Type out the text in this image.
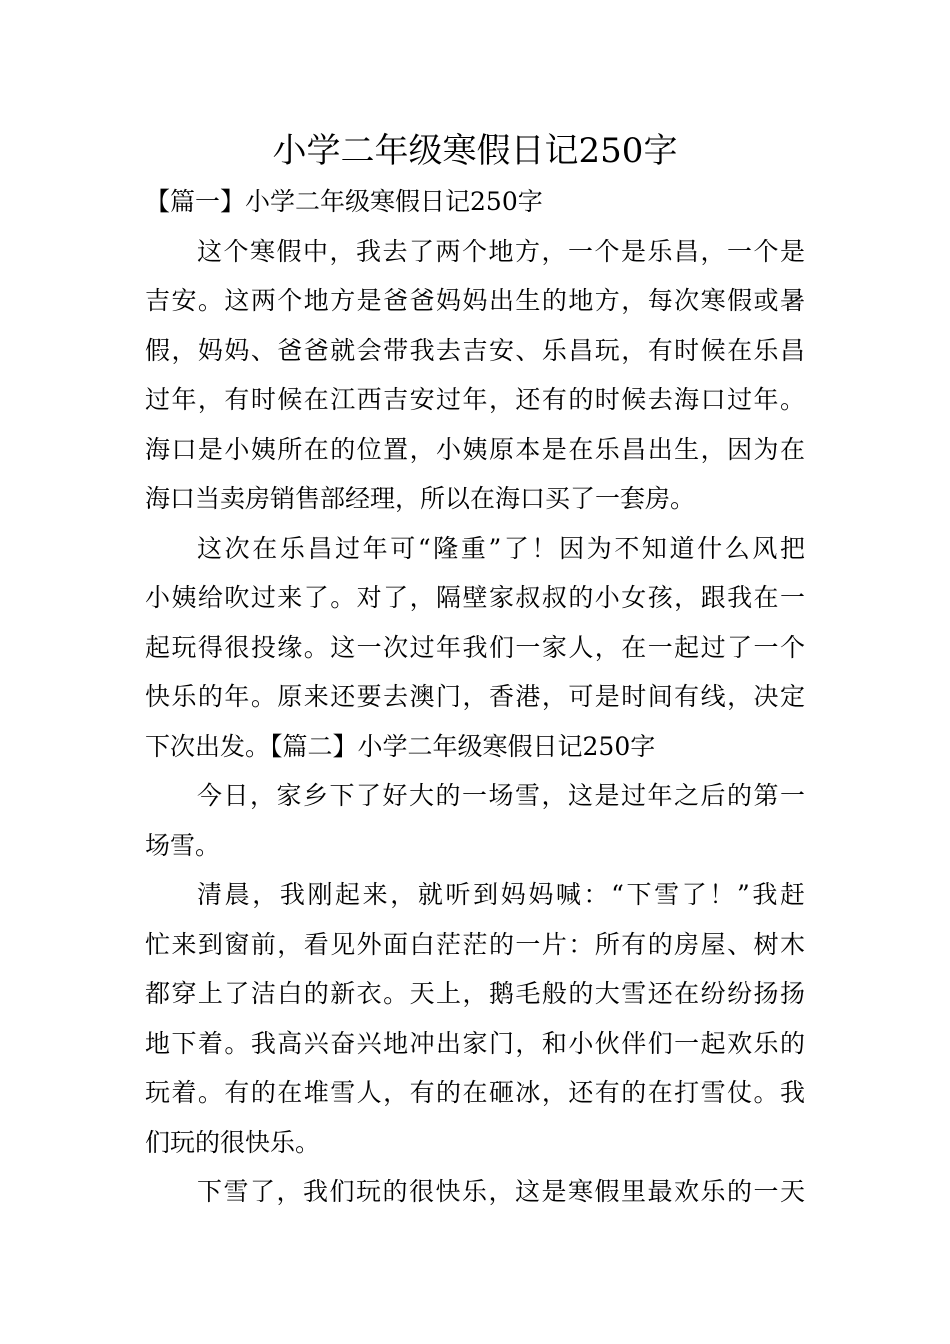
小学二年级寒假日记250字
【篇一】小学二年级寒假日记250字
这个寒假中，我去了两个地方，一个是乐昌，一个是
吉安。这两个地方是爸爸妈妈出生的地方，每次寒假或暑
假，妈妈、爸爸就会带我去吉安、乐昌玩，有时候在乐昌
过年，有时候在江西吉安过年，还有的时候去海口过年。
海口是小姨所在的位置，小姨原本是在乐昌出生，因为在
海口当卖房销售部经理，所以在海口买了一套房。
这次在乐昌过年可“隆重”了！因为不知道什么风把
小姨给吹过来了。对了，隔壁家叔叔的小女孩，跟我在一
起玩得很投缘。这一次过年我们一家人，在一起过了一个
快乐的年。原来还要去澳门，香港，可是时间有线，决定
下次出发。【篇二】小学二年级寒假日记250字
今日，家乡下了好大的一场雪，这是过年之后的第一
场雪。
清晨，我刚起来，就听到妈妈喊：“下雪了！”我赶
忙来到窗前，看见外面白茫茫的一片：所有的房屋、树木
都穿上了洁白的新衣。天上，鹅毛般的大雪还在纷纷扬扬
地下着。我高兴奋兴地冲出家门，和小伙伴们一起欢乐的
玩着。有的在堆雪人，有的在砸冰，还有的在打雪仗。我
们玩的很快乐。
下雪了，我们玩的很快乐，这是寒假里最欢乐的一天
